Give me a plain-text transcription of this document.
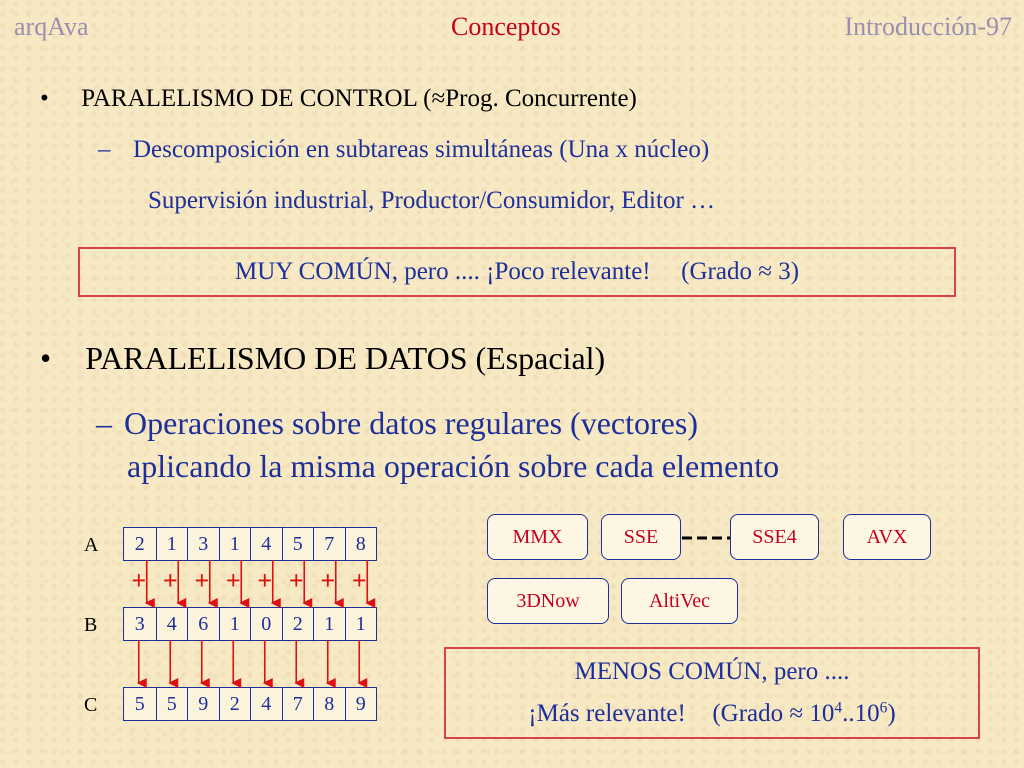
arqAva	Conceptos	Introducción-97
• PARALELISMO DE CONTROL (≈Prog. Concurrente)
– Descomposición en subtareas simultáneas (Una x núcleo)
Supervisión industrial, Productor/Consumidor, Editor …
MUY COMÚN, pero .... ¡Poco relevante! (Grado ≈ 3)
• PARALELISMO DE DATOS (Espacial)
– Operaciones sobre datos regulares (vectores)
aplicando la misma operación sobre cada elemento
A
B
C
2	1	3	1	4	5	7	8
3	4	6	1	0	2	1	1
5	5	9	2	4	7	8	9
+ + + + + + + +
MMX	SSE	SSE4	AVX
3DNow	AltiVec
MENOS COMÚN, pero ....
¡Más relevante! (Grado ≈ $10^4..10^6$)
